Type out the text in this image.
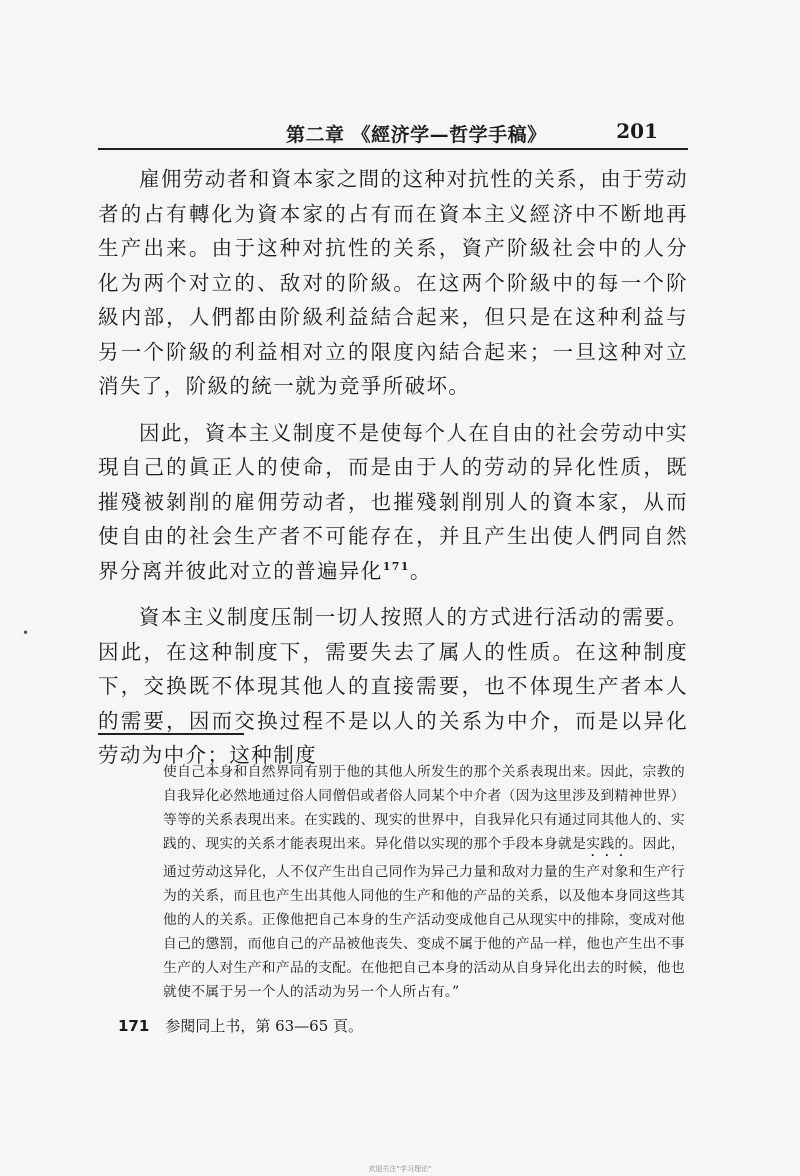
第二章 《經济学—哲学手稿》	201

雇佣劳动者和資本家之間的这种对抗性的关系，由于劳动者的占有轉化为資本家的占有而在資本主义經济中不断地再生产出来。由于这种对抗性的关系，資产阶級社会中的人分化为两个对立的、敌对的阶級。在这两个阶級中的每一个阶級内部，人們都由阶級利益結合起来，但只是在这种利益与另一个阶級的利益相对立的限度內結合起来；一旦这种对立消失了，阶級的統一就为竞爭所破坏。

因此，資本主义制度不是使每个人在自由的社会劳动中实現自己的眞正人的使命，而是由于人的劳动的异化性质，既摧殘被剝削的雇佣劳动者，也摧殘剝削別人的資本家，从而使自由的社会生产者不可能存在，并且产生出使人們同自然界分离并彼此对立的普遍异化$^{171}$。

資本主义制度压制一切人按照人的方式进行活动的需要。因此，在这种制度下，需要失去了属人的性质。在这种制度下，交换既不体現其他人的直接需要，也不体現生产者本人的需要，因而交换过程不是以人的关系为中介，而是以异化劳动为中介；这种制度

使自己本身和自然界同有别于他的其他人所发生的那个关系表現出来。因此，宗教的自我异化必然地通过俗人同僧侣或者俗人同某个中介者（因为这里涉及到精神世界）等等的关系表現出来。在实践的、现实的世界中，自我异化只有通过同其他人的、实践的、现实的关系才能表現出来。异化借以实现的那个手段本身就是实践的。因此，通过劳动这异化，人不仅产生出自己同作为异己力量和敌对力量的生产对象和生产行为的关系，而且也产生出其他人同他的生产和他的产品的关系，以及他本身同这些其他的人的关系。正像他把自己本身的生产活动变成他自己从现实中的排除，变成对他自己的懲罰，而他自己的产品被他丧失、变成不属于他的产品一样，他也产生出不事生产的人对生产和产品的支配。在他把自己本身的活动从自身异化出去的时候，他也就使不属于另一个人的活动为另一个人所占有。”

171 参閱同上书，第 63—65 頁。
•
欢迎关注“学习理论”
